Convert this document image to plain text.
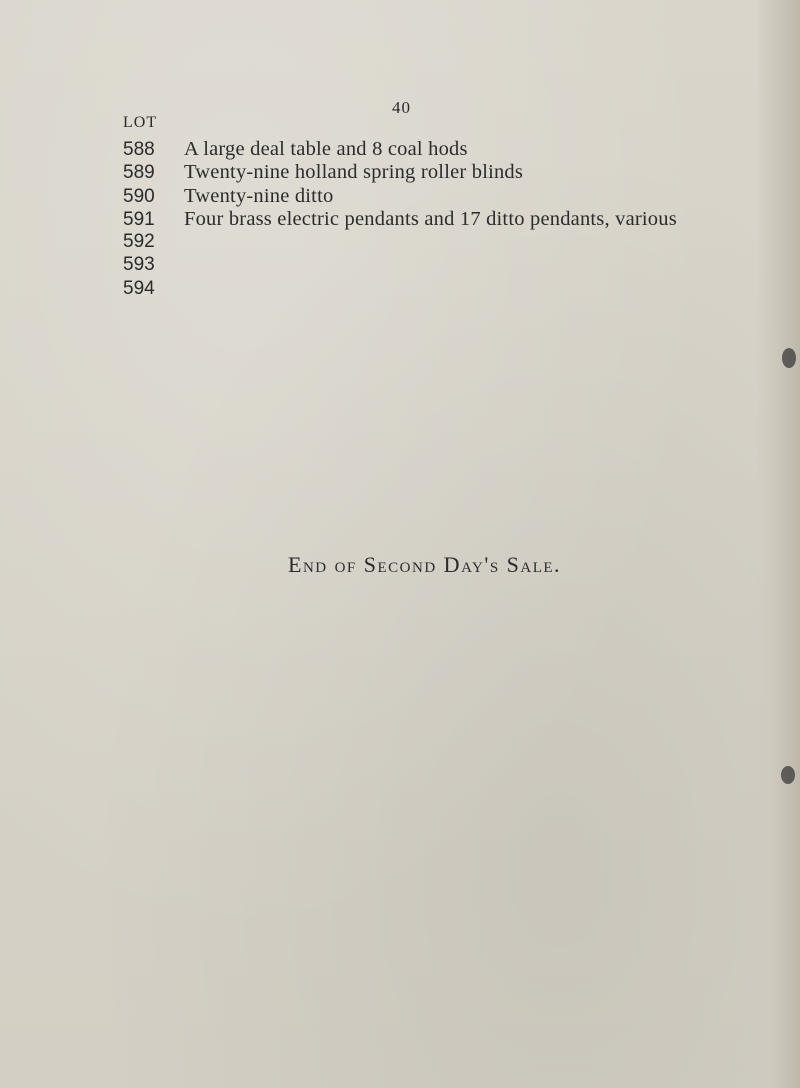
40
LOT
588	A large deal table and 8 coal hods
589	Twenty-nine holland spring roller blinds
590	Twenty-nine ditto
591	Four brass electric pendants and 17 ditto pendants, various
592
593
594
End of Second Day's Sale.
